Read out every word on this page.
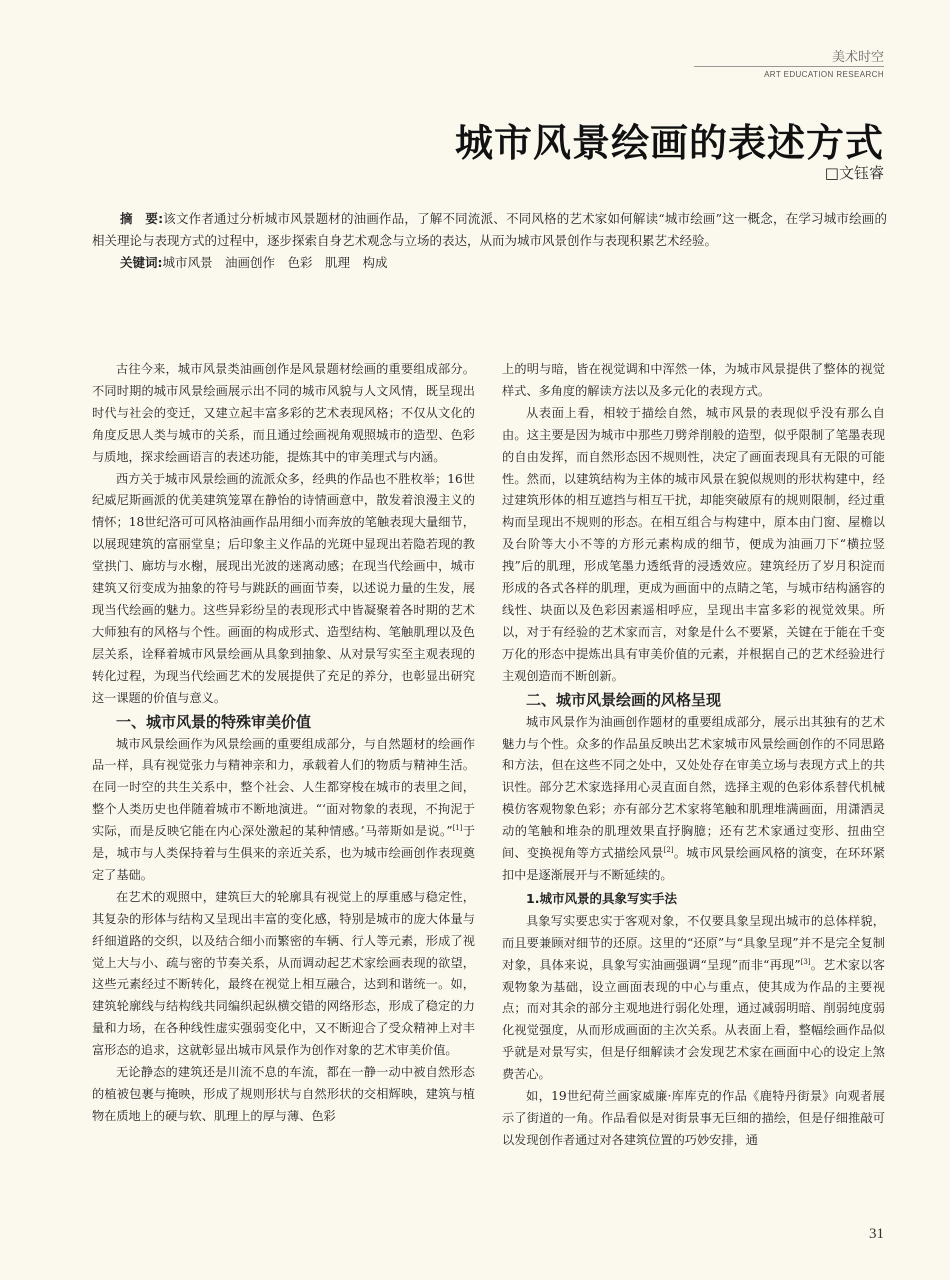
美术时空
ART EDUCATION RESEARCH
城市风景绘画的表述方式
□文钰睿
摘　要:该文作者通过分析城市风景题材的油画作品，了解不同流派、不同风格的艺术家如何解读“城市绘画”这一概念，在学习城市绘画的相关理论与表现方式的过程中，逐步探索自身艺术观念与立场的表达，从而为城市风景创作与表现积累艺术经验。
关键词:城市风景　油画创作　色彩　肌理　构成

古往今来，城市风景类油画创作是风景题材绘画的重要组成部分。不同时期的城市风景绘画展示出不同的城市风貌与人文风情，既呈现出时代与社会的变迁，又建立起丰富多彩的艺术表现风格；不仅从文化的角度反思人类与城市的关系，而且通过绘画视角观照城市的造型、色彩与质地，探求绘画语言的表述功能，提炼其中的审美理式与内涵。

西方关于城市风景绘画的流派众多，经典的作品也不胜枚举；16世纪威尼斯画派的优美建筑笼罩在静怡的诗情画意中，散发着浪漫主义的情怀；18世纪洛可可风格油画作品用细小而奔放的笔触表现大量细节，以展现建筑的富丽堂皇；后印象主义作品的光斑中显现出若隐若现的教堂拱门、廊坊与水榭，展现出光波的迷离动感；在现当代绘画中，城市建筑又衍变成为抽象的符号与跳跃的画面节奏，以述说力量的生发，展现当代绘画的魅力。这些异彩纷呈的表现形式中皆凝聚着各时期的艺术大师独有的风格与个性。画面的构成形式、造型结构、笔触肌理以及色层关系，诠释着城市风景绘画从具象到抽象、从对景写实至主观表现的转化过程，为现当代绘画艺术的发展提供了充足的养分，也彰显出研究这一课题的价值与意义。

一、城市风景的特殊审美价值

城市风景绘画作为风景绘画的重要组成部分，与自然题材的绘画作品一样，具有视觉张力与精神亲和力，承载着人们的物质与精神生活。在同一时空的共生关系中，整个社会、人生都穿梭在城市的表里之间，整个人类历史也伴随着城市不断地演进。“‘面对物象的表现，不拘泥于实际，而是反映它能在内心深处激起的某种情感。’马蒂斯如是说。”[1]于是，城市与人类保持着与生俱来的亲近关系，也为城市绘画创作表现奠定了基础。

在艺术的观照中，建筑巨大的轮廓具有视觉上的厚重感与稳定性，其复杂的形体与结构又呈现出丰富的变化感，特别是城市的庞大体量与纤细道路的交织，以及结合细小而繁密的车辆、行人等元素，形成了视觉上大与小、疏与密的节奏关系，从而调动起艺术家绘画表现的欲望，这些元素经过不断转化，最终在视觉上相互融合，达到和谐统一。如，建筑轮廓线与结构线共同编织起纵横交错的网络形态，形成了稳定的力量和力场，在各种线性虚实强弱变化中，又不断迎合了受众精神上对丰富形态的追求，这就彰显出城市风景作为创作对象的艺术审美价值。

无论静态的建筑还是川流不息的车流，都在一静一动中被自然形态的植被包裹与掩映，形成了规则形状与自然形状的交相辉映，建筑与植物在质地上的硬与软、肌理上的厚与薄、色彩

上的明与暗，皆在视觉调和中浑然一体，为城市风景提供了整体的视觉样式、多角度的解读方法以及多元化的表现方式。

从表面上看，相较于描绘自然，城市风景的表现似乎没有那么自由。这主要是因为城市中那些刀劈斧削般的造型，似乎限制了笔墨表现的自由发挥，而自然形态因不规则性，决定了画面表现具有无限的可能性。然而，以建筑结构为主体的城市风景在貌似规则的形状构建中，经过建筑形体的相互遮挡与相互干扰，却能突破原有的规则限制，经过重构而呈现出不规则的形态。在相互组合与构建中，原本由门窗、屋檐以及台阶等大小不等的方形元素构成的细节，便成为油画刀下“横拉竖拽”后的肌理，形成笔墨力透纸背的浸透效应。建筑经历了岁月积淀而形成的各式各样的肌理，更成为画面中的点睛之笔，与城市结构涵容的线性、块面以及色彩因素遥相呼应，呈现出丰富多彩的视觉效果。所以，对于有经验的艺术家而言，对象是什么不要紧，关键在于能在千变万化的形态中提炼出具有审美价值的元素，并根据自己的艺术经验进行主观创造而不断创新。

二、城市风景绘画的风格呈现

城市风景作为油画创作题材的重要组成部分，展示出其独有的艺术魅力与个性。众多的作品虽反映出艺术家城市风景绘画创作的不同思路和方法，但在这些不同之处中，又处处存在审美立场与表现方式上的共识性。部分艺术家选择用心灵直面自然，选择主观的色彩体系替代机械模仿客观物象色彩；亦有部分艺术家将笔触和肌理堆满画面，用潇洒灵动的笔触和堆杂的肌理效果直抒胸臆；还有艺术家通过变形、扭曲空间、变换视角等方式描绘风景[2]。城市风景绘画风格的演变，在环环紧扣中是逐渐展开与不断延续的。

1.城市风景的具象写实手法

具象写实要忠实于客观对象，不仅要具象呈现出城市的总体样貌，而且要兼顾对细节的还原。这里的“还原”与“具象呈现”并不是完全复制对象，具体来说，具象写实油画强调“呈现”而非“再现”[3]。艺术家以客观物象为基础，设立画面表现的中心与重点，使其成为作品的主要视点；而对其余的部分主观地进行弱化处理，通过减弱明暗、削弱纯度弱化视觉强度，从而形成画面的主次关系。从表面上看，整幅绘画作品似乎就是对景写实，但是仔细解读才会发现艺术家在画面中心的设定上煞费苦心。

如，19世纪荷兰画家威廉·库库克的作品《鹿特丹街景》向观者展示了街道的一角。作品看似是对街景事无巨细的描绘，但是仔细推敲可以发现创作者通过对各建筑位置的巧妙安排，通

31
